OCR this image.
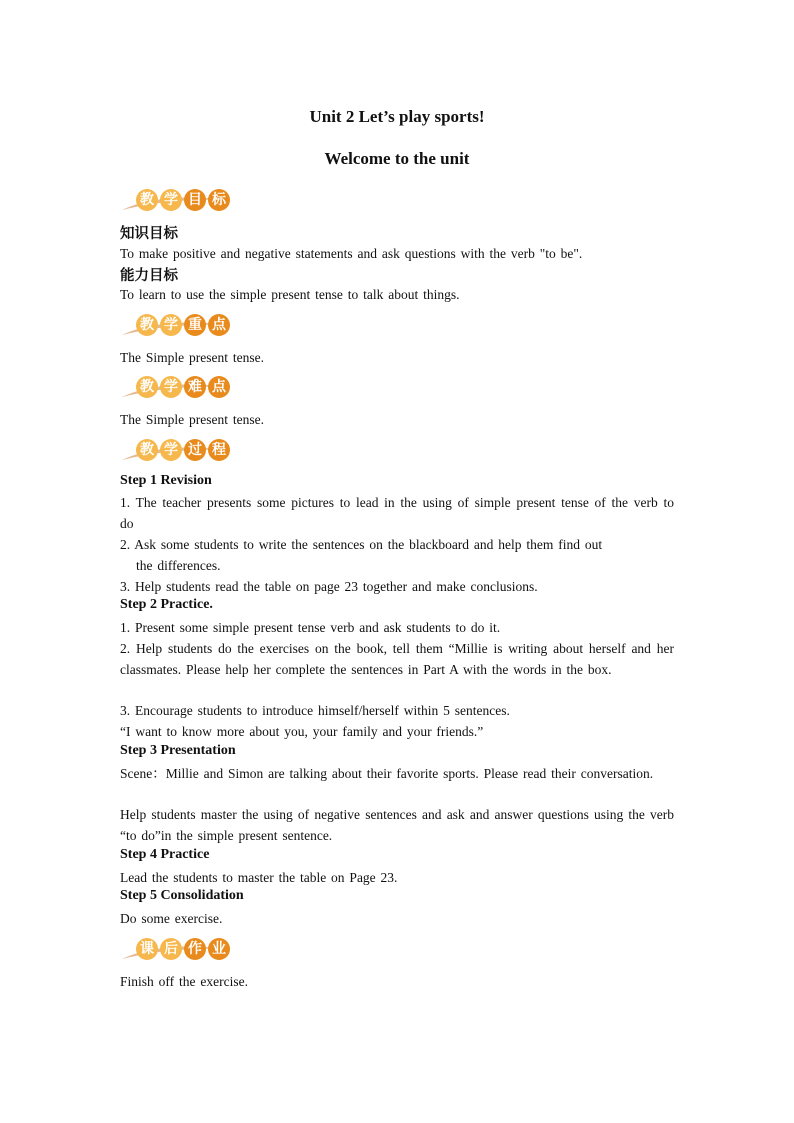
Unit 2 Let’s play sports!
Welcome to the unit
教 学 目 标
知识目标
To make positive and negative statements and ask questions with the verb "to be".
能力目标
To learn to use the simple present tense to talk about things.
教 学 重 点
The Simple present tense.
教 学 难 点
The Simple present tense.
教 学 过 程
Step 1 Revision
1. The teacher presents some pictures to lead in the using of simple present tense of the verb to do
2. Ask some students to write the sentences on the blackboard and help them find out
the differences.
3. Help students read the table on page 23 together and make conclusions.
Step 2 Practice.
1. Present some simple present tense verb and ask students to do it.
2. Help students do the exercises on the book, tell them “Millie is writing about herself and her classmates. Please help her complete the sentences in Part A with the words in the box.
3. Encourage students to introduce himself/herself within 5 sentences.
“I want to know more about you, your family and your friends.”
Step 3 Presentation
Scene：Millie and Simon are talking about their favorite sports. Please read their conversation.
Help students master the using of negative sentences and ask and answer questions using the verb “to do”in the simple present sentence.
Step 4 Practice
Lead the students to master the table on Page 23.
Step 5 Consolidation
Do some exercise.
课 后 作 业
Finish off the exercise.
